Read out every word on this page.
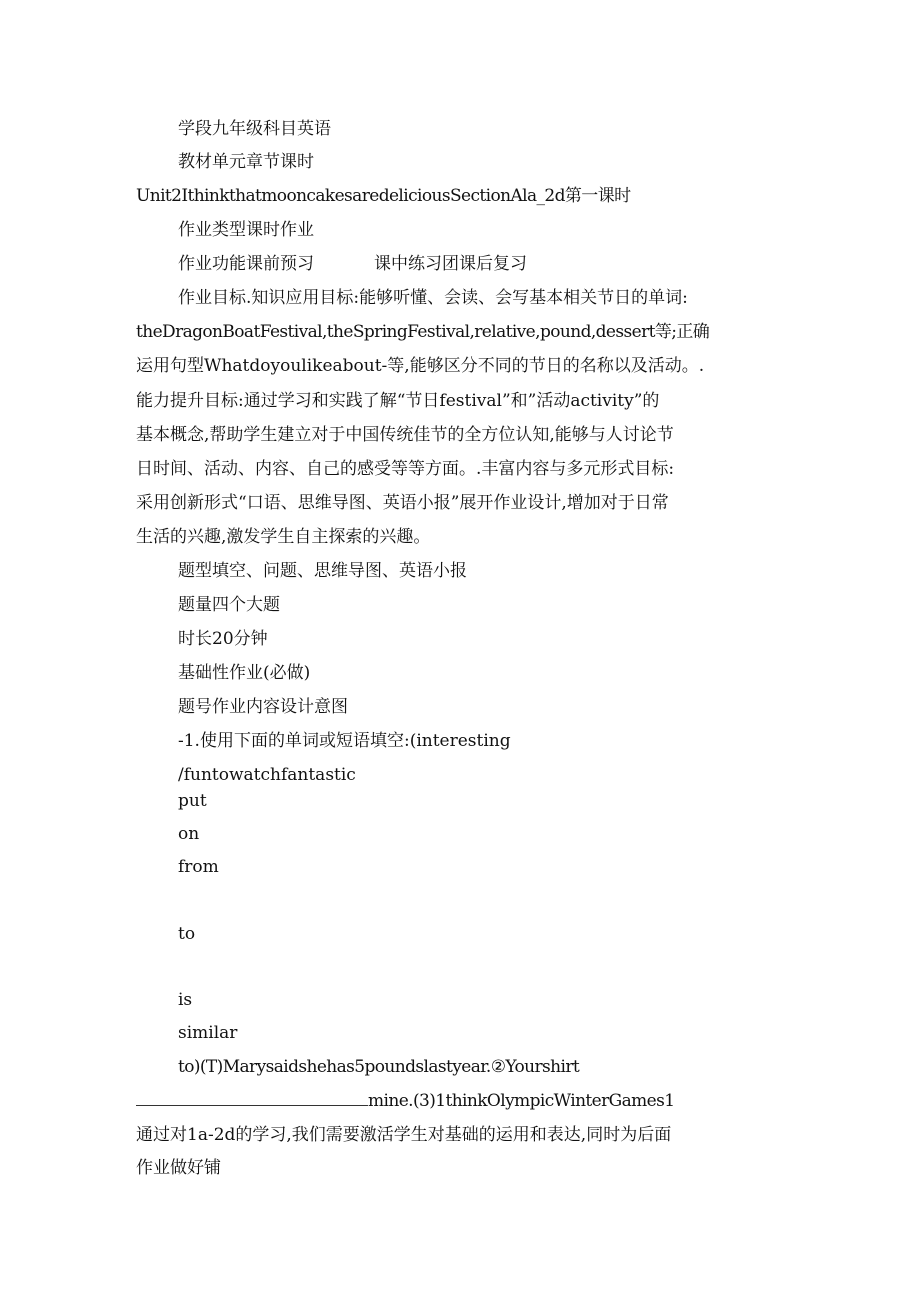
学段九年级科目英语

教材单元章节课时

Unit2IthinkthatmooncakesaredeliciousSectionAla_2d第一课时

作业类型课时作业

作业功能课前预习	课中练习团课后复习

作业目标.知识应用目标:能够听懂、会读、会写基本相关节日的单词:

theDragonBoatFestival,theSpringFestival,relative,pound,dessert等;正确

运用句型Whatdoyoulikeabout-等,能够区分不同的节日的名称以及活动。.

能力提升目标:通过学习和实践了解“节日festival”和”活动activity”的

基本概念,帮助学生建立对于中国传统佳节的全方位认知,能够与人讨论节

日时间、活动、内容、自己的感受等等方面。.丰富内容与多元形式目标:

采用创新形式“口语、思维导图、英语小报”展开作业设计,增加对于日常

生活的兴趣,激发学生自主探索的兴趣。

题型填空、问题、思维导图、英语小报

题量四个大题

时长20分钟

基础性作业(必做)

题号作业内容设计意图

-1.使用下面的单词或短语填空:(interesting

/funtowatchfantastic

put

on

from

to

is

similar

to)(T)Marysaidshehas5poundslastyear.②Yourshirt

mine.(3)1thinkOlympicWinterGames1

通过对1a-2d的学习,我们需要激活学生对基础的运用和表达,同时为后面

作业做好铺
